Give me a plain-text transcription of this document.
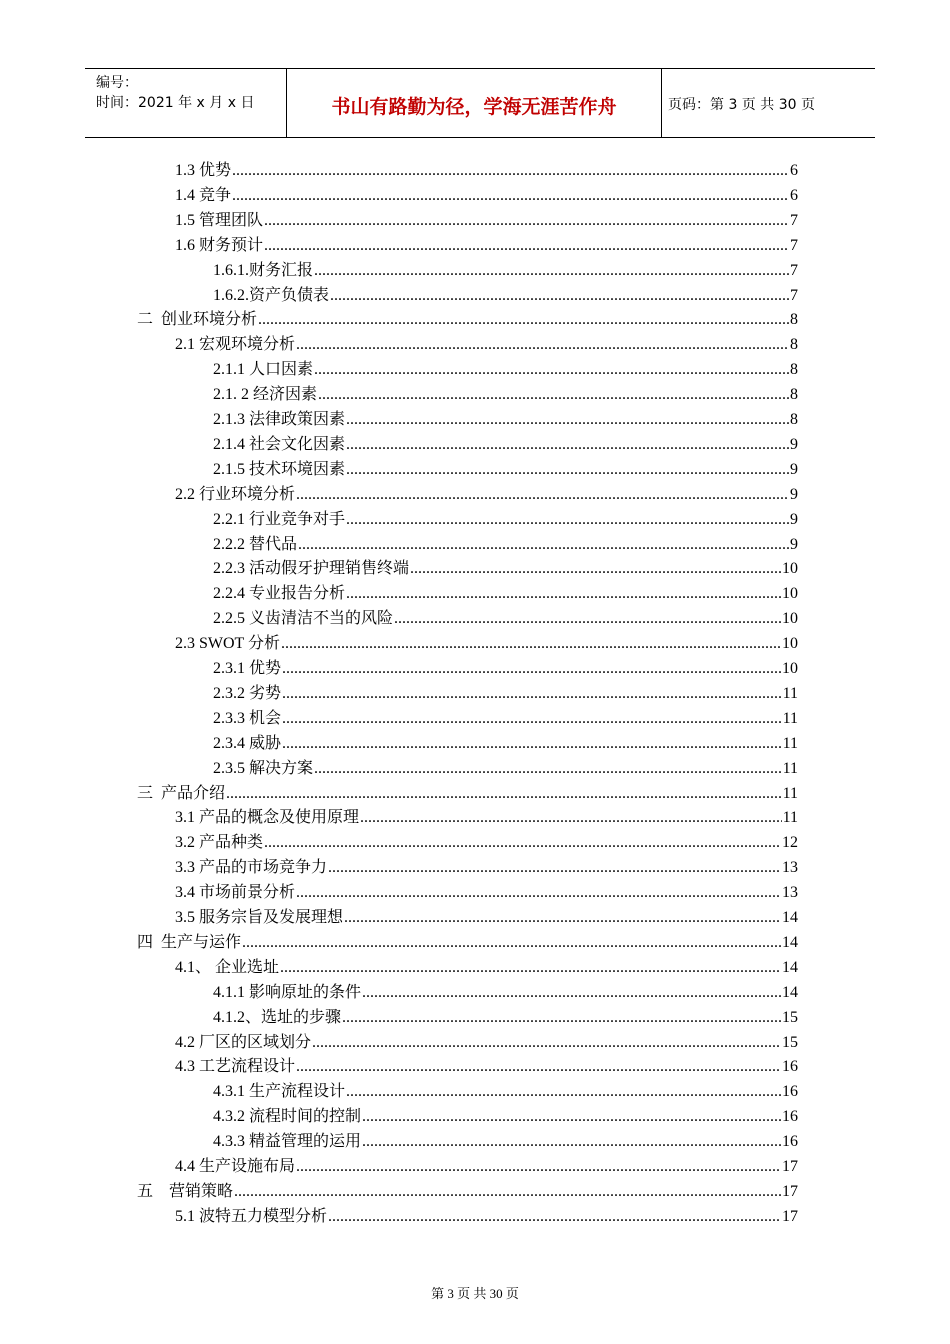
编号：
时间：2021 年 x 月 x 日	书山有路勤为径，学海无涯苦作舟	页码：第 3 页 共 30 页
1.3 优势 .....	6
1.4 竞争 .....	6
1.5 管理团队 .....	7
1.6 财务预计 .....	7
1.6.1.财务汇报 .....	7
1.6.2.资产负债表 .....	7
二  创业环境分析 .....	8
2.1 宏观环境分析 .....	8
2.1.1 人口因素 .....	8
2.1. 2 经济因素 .....	8
2.1.3 法律政策因素 .....	8
2.1.4 社会文化因素 .....	9
2.1.5 技术环境因素 .....	9
2.2 行业环境分析 .....	9
2.2.1 行业竞争对手 .....	9
2.2.2 替代品 .....	9
2.2.3 活动假牙护理销售终端 .....	10
2.2.4 专业报告分析 .....	10
2.2.5 义齿清洁不当的风险 .....	10
2.3 SWOT 分析 .....	10
2.3.1 优势 .....	10
2.3.2 劣势 .....	11
2.3.3 机会 .....	11
2.3.4 威胁 .....	11
2.3.5 解决方案 .....	11
三  产品介绍 .....	11
3.1 产品的概念及使用原理 .....	11
3.2 产品种类 .....	12
3.3 产品的市场竞争力 .....	13
3.4 市场前景分析 .....	13
3.5 服务宗旨及发展理想 .....	14
四  生产与运作 .....	14
4.1、 企业选址 .....	14
4.1.1 影响原址的条件 .....	14
4.1.2、选址的步骤 .....	15
4.2 厂区的区域划分 .....	15
4.3 工艺流程设计 .....	16
4.3.1 生产流程设计 .....	16
4.3.2 流程时间的控制 .....	16
4.3.3 精益管理的运用 .....	16
4.4 生产设施布局 .....	17
五    营销策略 .....	17
5.1 波特五力模型分析 .....	17
第 3 页 共 30 页
